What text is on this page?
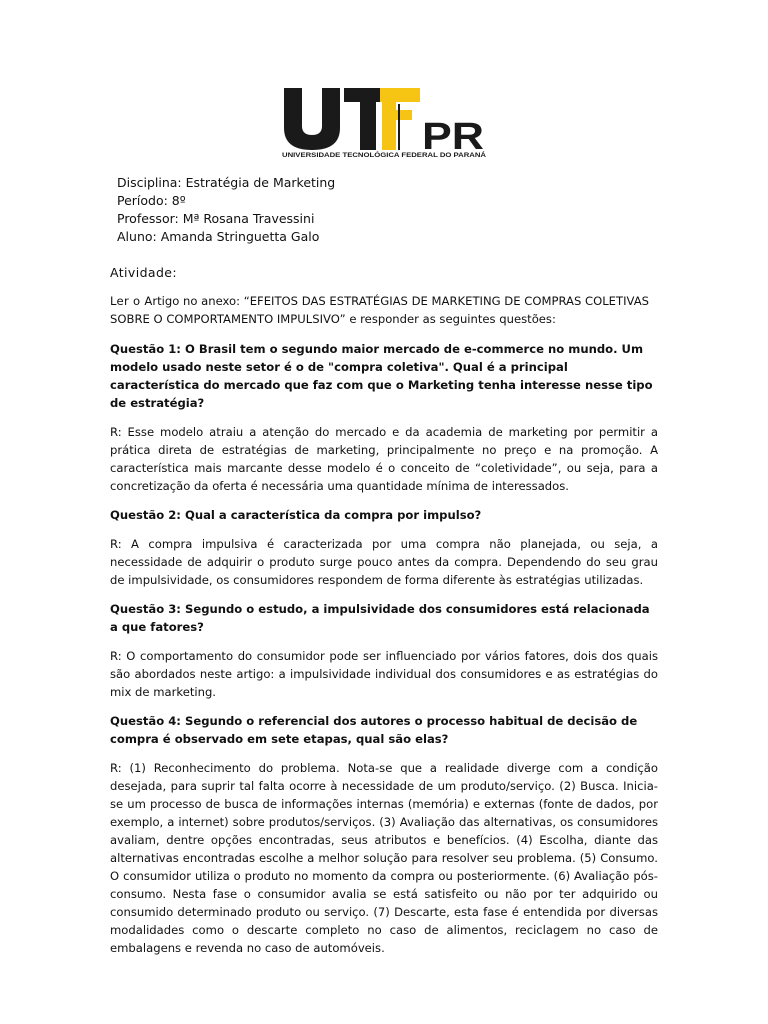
PR
UNIVERSIDADE TECNOLÓGICA FEDERAL DO PARANÁ
Disciplina: Estratégia de Marketing
Período: 8º
Professor: Mª Rosana Travessini
Aluno: Amanda Stringuetta Galo
Atividade:

Ler o Artigo no anexo: “EFEITOS DAS ESTRATÉGIAS DE MARKETING DE COMPRAS COLETIVAS SOBRE O COMPORTAMENTO IMPULSIVO” e responder as seguintes questões:

Questão 1: O Brasil tem o segundo maior mercado de e-commerce no mundo. Um modelo usado neste setor é o de "compra coletiva". Qual é a principal característica do mercado que faz com que o Marketing tenha interesse nesse tipo de estratégia?

R: Esse modelo atraiu a atenção do mercado e da academia de marketing por permitir a prática direta de estratégias de marketing, principalmente no preço e na promoção. A característica mais marcante desse modelo é o conceito de “coletividade”, ou seja, para a concretização da oferta é necessária uma quantidade mínima de interessados.

Questão 2: Qual a característica da compra por impulso?

R: A compra impulsiva é caracterizada por uma compra não planejada, ou seja, a necessidade de adquirir o produto surge pouco antes da compra. Dependendo do seu grau de impulsividade, os consumidores respondem de forma diferente às estratégias utilizadas.

Questão 3: Segundo o estudo, a impulsividade dos consumidores está relacionada a que fatores?

R: O comportamento do consumidor pode ser influenciado por vários fatores, dois dos quais são abordados neste artigo: a impulsividade individual dos consumidores e as estratégias do mix de marketing.

Questão 4: Segundo o referencial dos autores o processo habitual de decisão de compra é observado em sete etapas, qual são elas?

R: (1) Reconhecimento do problema. Nota-se que a realidade diverge com a condição desejada, para suprir tal falta ocorre à necessidade de um produto/serviço. (2) Busca. Inicia-se um processo de busca de informações internas (memória) e externas (fonte de dados, por exemplo, a internet) sobre produtos/serviços. (3) Avaliação das alternativas, os consumidores avaliam, dentre opções encontradas, seus atributos e benefícios. (4) Escolha, diante das alternativas encontradas escolhe a melhor solução para resolver seu problema. (5) Consumo. O consumidor utiliza o produto no momento da compra ou posteriormente. (6) Avaliação pós-consumo. Nesta fase o consumidor avalia se está satisfeito ou não por ter adquirido ou consumido determinado produto ou serviço. (7) Descarte, esta fase é entendida por diversas modalidades como o descarte completo no caso de alimentos, reciclagem no caso de embalagens e revenda no caso de automóveis.
